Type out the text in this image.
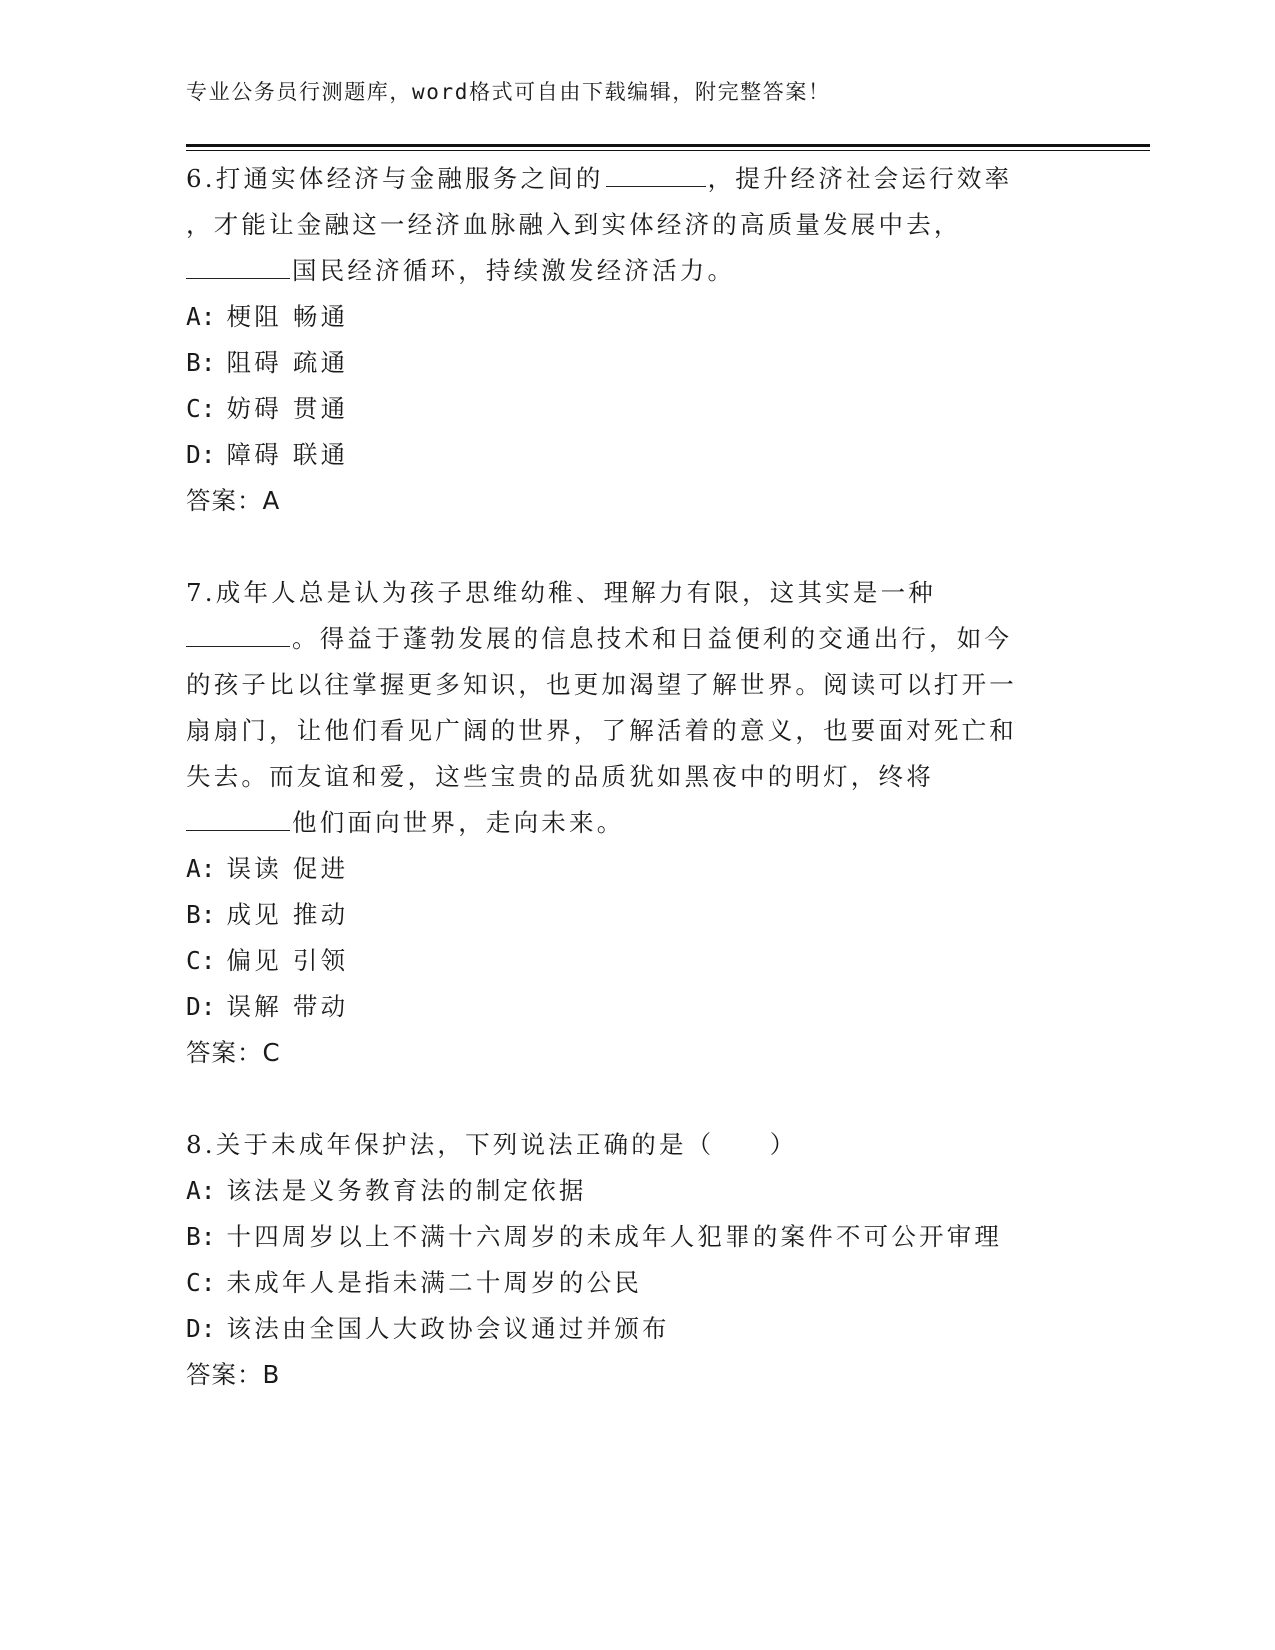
专业公务员行测题库，word格式可自由下载编辑，附完整答案！
6.打通实体经济与金融服务之间的	，提升经济社会运行效率
，才能让金融这一经济血脉融入到实体经济的高质量发展中去，
国民经济循环，持续激发经济活力。
A: 梗阻 畅通
B: 阻碍 疏通
C: 妨碍 贯通
D: 障碍 联通
答案：A
7.成年人总是认为孩子思维幼稚、理解力有限，这其实是一种
。得益于蓬勃发展的信息技术和日益便利的交通出行，如今
的孩子比以往掌握更多知识，也更加渴望了解世界。阅读可以打开一
扇扇门，让他们看见广阔的世界，了解活着的意义，也要面对死亡和
失去。而友谊和爱，这些宝贵的品质犹如黑夜中的明灯，终将
他们面向世界，走向未来。
A: 误读 促进
B: 成见 推动
C: 偏见 引领
D: 误解 带动
答案：C
8.关于未成年保护法，下列说法正确的是（　　）
A: 该法是义务教育法的制定依据
B: 十四周岁以上不满十六周岁的未成年人犯罪的案件不可公开审理
C: 未成年人是指未满二十周岁的公民
D: 该法由全国人大政协会议通过并颁布
答案：B
